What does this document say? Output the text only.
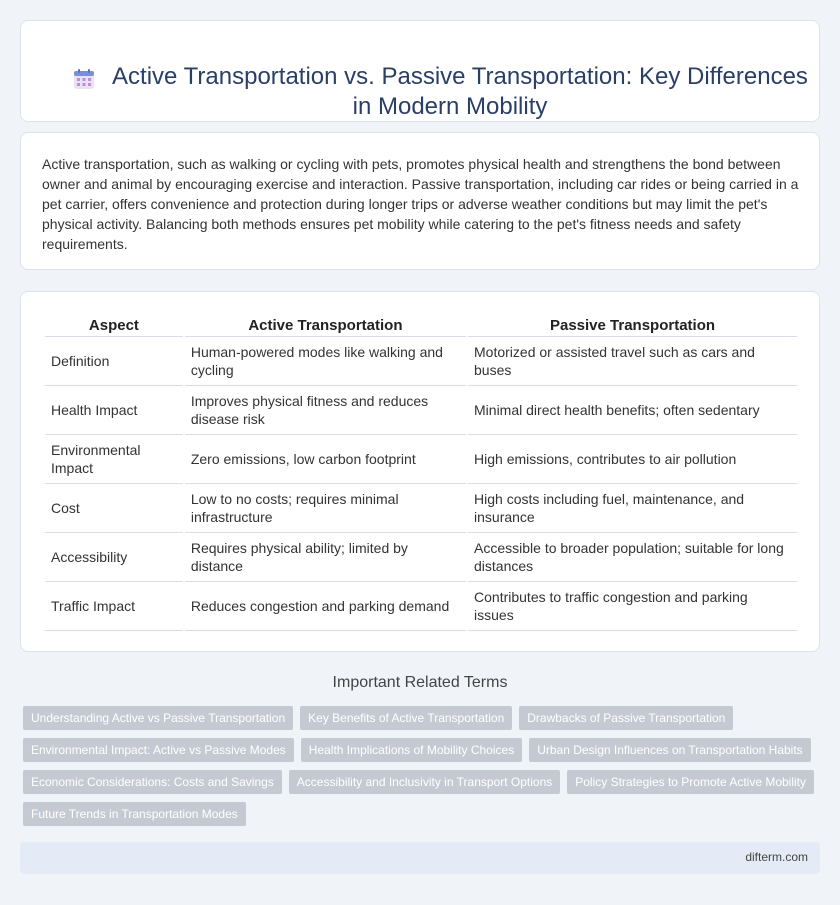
Active Transportation vs. Passive Transportation: Key Differences
in Modern Mobility

Active transportation, such as walking or cycling with pets, promotes physical health and strengthens the bond between owner and animal by encouraging exercise and interaction. Passive transportation, including car rides or being carried in a pet carrier, offers convenience and protection during longer trips or adverse weather conditions but may limit the pet's physical activity. Balancing both methods ensures pet mobility while catering to the pet's fitness needs and safety requirements.

Aspect	Active Transportation	Passive Transportation
Definition	Human-powered modes like walking and cycling	Motorized or assisted travel such as cars and buses
Health Impact	Improves physical fitness and reduces disease risk	Minimal direct health benefits; often sedentary
Environmental Impact	Zero emissions, low carbon footprint	High emissions, contributes to air pollution
Cost	Low to no costs; requires minimal infrastructure	High costs including fuel, maintenance, and insurance
Accessibility	Requires physical ability; limited by distance	Accessible to broader population; suitable for long distances
Traffic Impact	Reduces congestion and parking demand	Contributes to traffic congestion and parking issues
Important Related Terms
Understanding Active vs Passive Transportation	Key Benefits of Active Transportation	Drawbacks of Passive Transportation
Environmental Impact: Active vs Passive Modes	Health Implications of Mobility Choices	Urban Design Influences on Transportation Habits
Economic Considerations: Costs and Savings	Accessibility and Inclusivity in Transport Options	Policy Strategies to Promote Active Mobility
Future Trends in Transportation Modes
difterm.com
